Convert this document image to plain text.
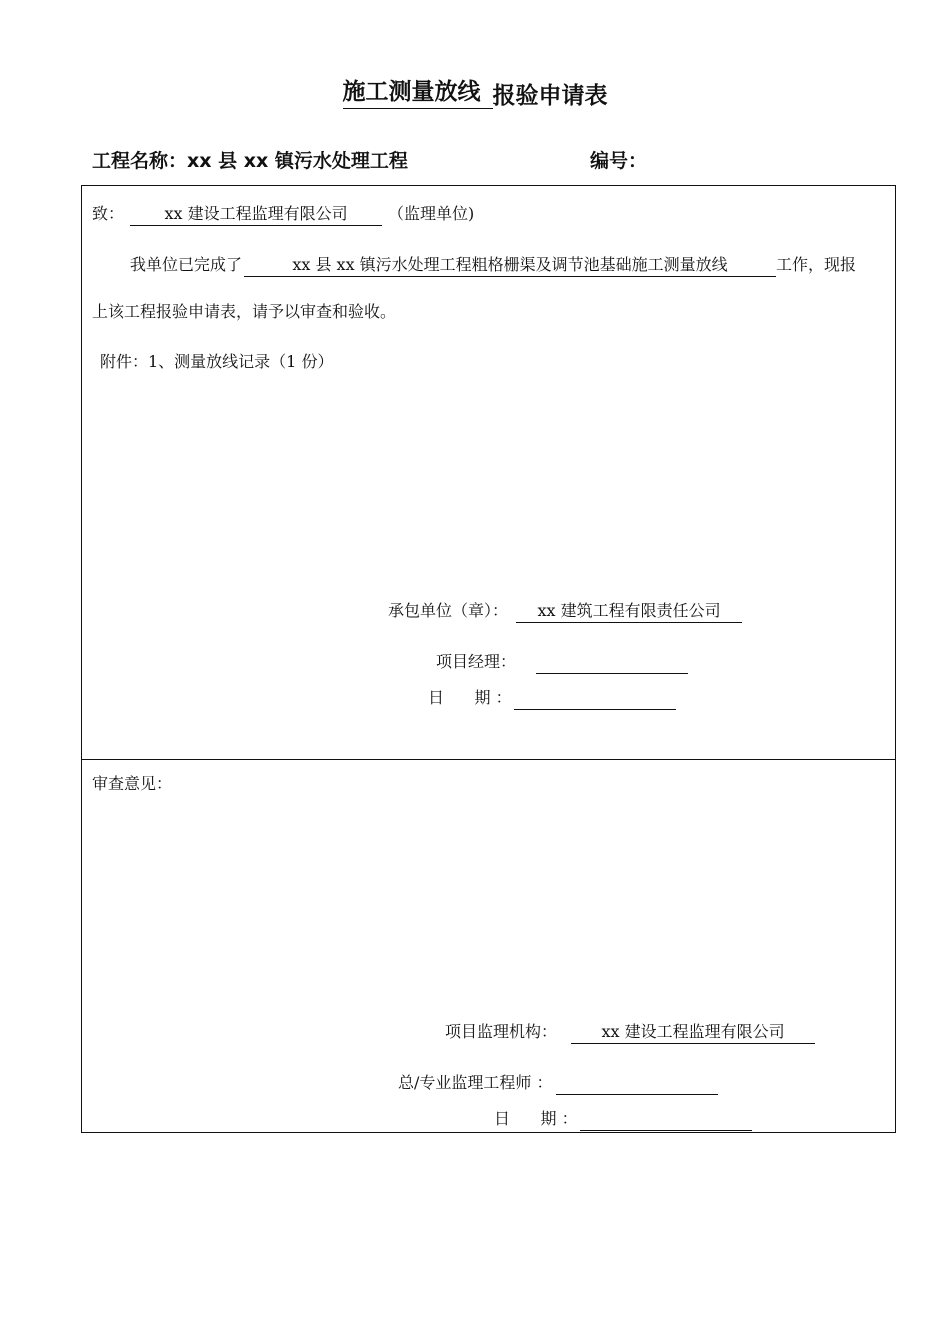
施工测量放线 报验申请表
工程名称：xx 县 xx 镇污水处理工程	编号：
致：	xx 建设工程监理有限公司	（监理单位)
我单位已完成了	xx 县 xx 镇污水处理工程粗格栅渠及调节池基础施工测量放线	工作，现报
上该工程报验申请表，请予以审查和验收。
附件：1、测量放线记录（1 份）
承包单位（章）： xx 建筑工程有限责任公司
项目经理：
日      期 ：
审查意见：
项目监理机构：	xx 建设工程监理有限公司
总/专业监理工程师 ：
日      期 ：
